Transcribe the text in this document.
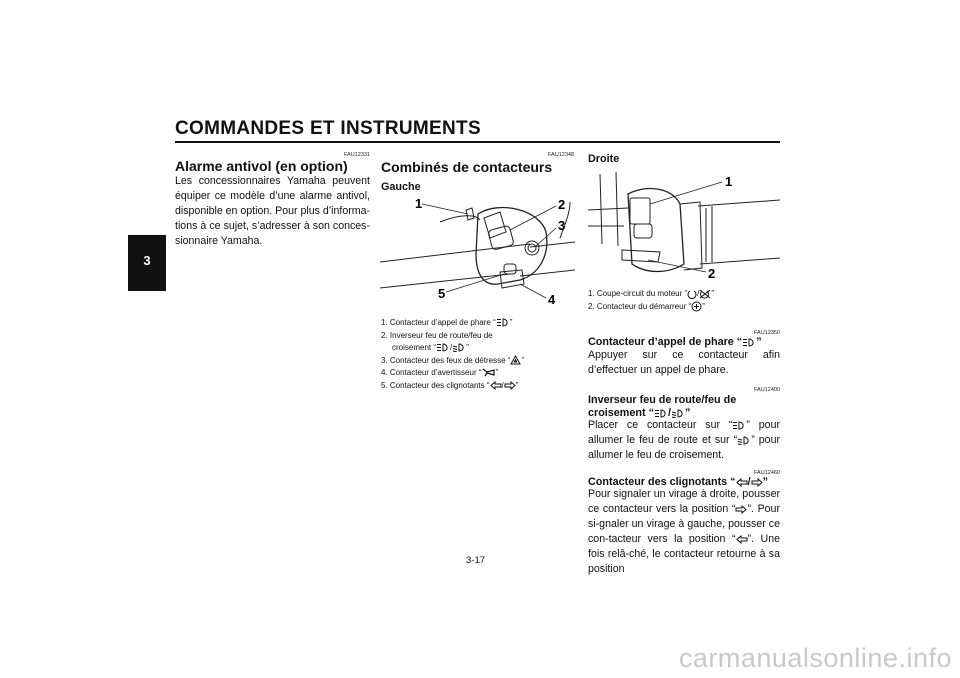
COMMANDES ET INSTRUMENTS
3
FAU12331
Alarme antivol (en option)
Les concessionnaires Yamaha peuvent équiper ce modèle d’une alarme antivol, disponible en option. Pour plus d’informa-tions à ce sujet, s’adresser à son conces-sionnaire Yamaha.
FAU12348
Combinés de contacteurs
Gauche
1	2
3
4
5
1. Contacteur d’appel de phare “ ”
2. Inverseur feu de route/feu de
croisement “ / ”
3. Contacteur des feux de détresse “ ”
4. Contacteur d’avertisseur “ ”
5. Contacteur des clignotants “ / ”
Droite
1
2
1. Coupe-circuit du moteur “ / ”
2. Contacteur du démarreur “ ”
FAU12350
Contacteur d’appel de phare “ ”
Appuyer sur ce contacteur afin d’effectuer un appel de phare.
FAU12400
Inverseur feu de route/feu de
croisement “ / ”
Placer ce contacteur sur “ ” pour allumer le feu de route et sur “ ” pour allumer le feu de croisement.
FAU12460
Contacteur des clignotants “ / ”
Pour signaler un virage à droite, pousser ce contacteur vers la position “ ”. Pour si-gnaler un virage à gauche, pousser ce con-tacteur vers la position “ ”. Une fois relâ-ché, le contacteur retourne à sa position
3-17
carmanualsonline.info
